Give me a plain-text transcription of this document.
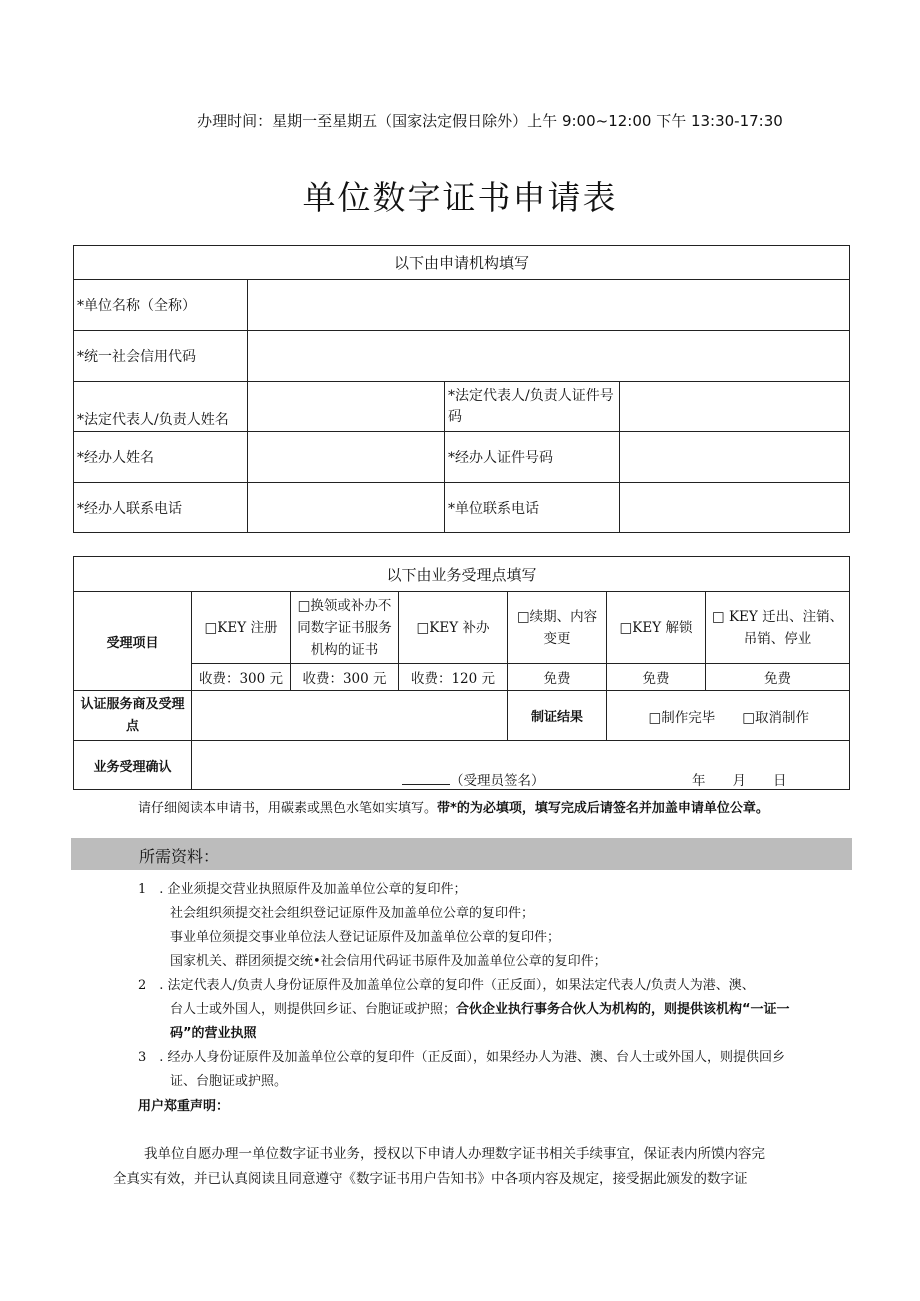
办理时间：星期一至星期五（国家法定假日除外）上午 9:00~12:00 下午 13:30-17:30
单位数字证书申请表
以下由申请机构填写			
*单位名称（全称）			
*统一社会信用代码			
*法定代表人/负责人姓名		*法定代表人/负责人证件号码	
*经办人姓名		*经办人证件号码	
*经办人联系电话		*单位联系电话	
以下由业务受理点填写						
受理项目	□KEY 注册	□换领或补办不同数字证书服务机构的证书	□KEY 补办	□续期、内容变更	□KEY 解锁	□ KEY 迁出、注销、吊销、停业
	收费：300 元	收费：300 元	收费：120 元	免费	免费	免费
认证服务商及受理点				制证结果	□制作完毕　　□取消制作	
业务受理确认	（受理员签名） 年　　月　　日					
请仔细阅读本申请书，用碳素或黑色水笔如实填写。带*的为必填项，填写完成后请签名并加盖申请单位公章。
所需资料：
1　. 企业须提交营业执照原件及加盖单位公章的复印件；
社会组织须提交社会组织登记证原件及加盖单位公章的复印件；
事业单位须提交事业单位法人登记证原件及加盖单位公章的复印件；
国家机关、群团须提交统•社会信用代码证书原件及加盖单位公章的复印件；
2　. 法定代表人/负责人身份证原件及加盖单位公章的复印件（正反面），如果法定代表人/负责人为港、澳、
台人士或外国人，则提供回乡证、台胞证或护照；合伙企业执行事务合伙人为机构的，则提供该机构“一证一
码”的营业执照
3　. 经办人身份证原件及加盖单位公章的复印件（正反面），如果经办人为港、澳、台人士或外国人，则提供回乡
证、台胞证或护照。
用户郑重声明：
我单位自愿办理一单位数字证书业务，授权以下申请人办理数字证书相关手续事宜，保证表内所馍内容完
全真实有效，并已认真阅读且同意遵守《数字证书用户告知书》中各项内容及规定，接受据此颁发的数字证
